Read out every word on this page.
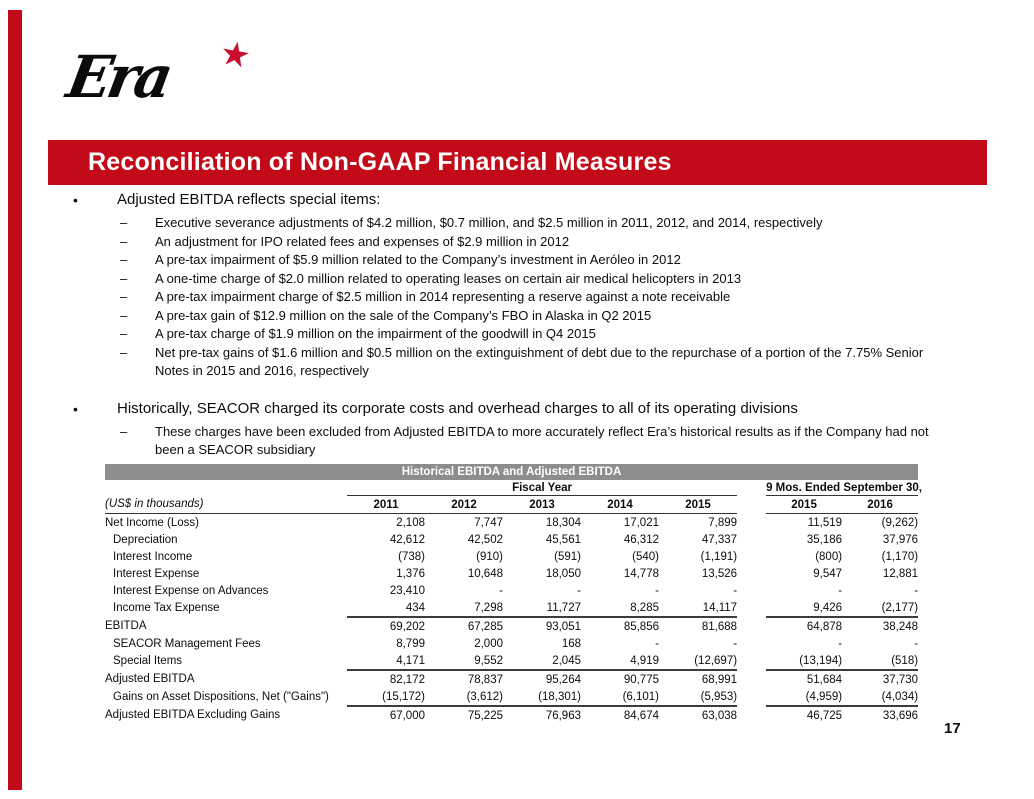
Era ★
Reconciliation of Non-GAAP Financial Measures
•	Adjusted EBITDA reflects special items:
–	Executive severance adjustments of $4.2 million, $0.7 million, and $2.5 million in 2011, 2012, and 2014, respectively
–	An adjustment for IPO related fees and expenses of $2.9 million in 2012
–	A pre-tax impairment of $5.9 million related to the Company’s investment in Aeróleo in 2012
–	A one-time charge of $2.0 million related to operating leases on certain air medical helicopters in 2013
–	A pre-tax impairment charge of $2.5 million in 2014 representing a reserve against a note receivable
–	A pre-tax gain of $12.9 million on the sale of the Company’s FBO in Alaska in Q2 2015
–	A pre-tax charge of $1.9 million on the impairment of the goodwill in Q4 2015
–	Net pre-tax gains of $1.6 million and $0.5 million on the extinguishment of debt due to the repurchase of a portion of the 7.75% Senior Notes in 2015 and 2016, respectively
•	Historically, SEACOR charged its corporate costs and overhead charges to all of its operating divisions
–	These charges have been excluded from Adjusted EBITDA to more accurately reflect Era’s historical results as if the Company had not been a SEACOR subsidiary
Historical EBITDA and Adjusted EBITDA
	Fiscal Year						9 Mos. Ended September 30,	
(US$ in thousands)	2011	2012	2013	2014	2015		2015	2016
Net Income (Loss)	2,108	7,747	18,304	17,021	7,899		11,519	(9,262)
Depreciation	42,612	42,502	45,561	46,312	47,337		35,186	37,976
Interest Income	(738)	(910)	(591)	(540)	(1,191)		(800)	(1,170)
Interest Expense	1,376	10,648	18,050	14,778	13,526		9,547	12,881
Interest Expense on Advances	23,410	-	-	-	-		-	-
Income Tax Expense	434	7,298	11,727	8,285	14,117		9,426	(2,177)
EBITDA	69,202	67,285	93,051	85,856	81,688		64,878	38,248
SEACOR Management Fees	8,799	2,000	168	-	-		-	-
Special Items	4,171	9,552	2,045	4,919	(12,697)		(13,194)	(518)
Adjusted EBITDA	82,172	78,837	95,264	90,775	68,991		51,684	37,730
Gains on Asset Dispositions, Net ("Gains")	(15,172)	(3,612)	(18,301)	(6,101)	(5,953)		(4,959)	(4,034)
Adjusted EBITDA Excluding Gains	67,000	75,225	76,963	84,674	63,038		46,725	33,696
17
